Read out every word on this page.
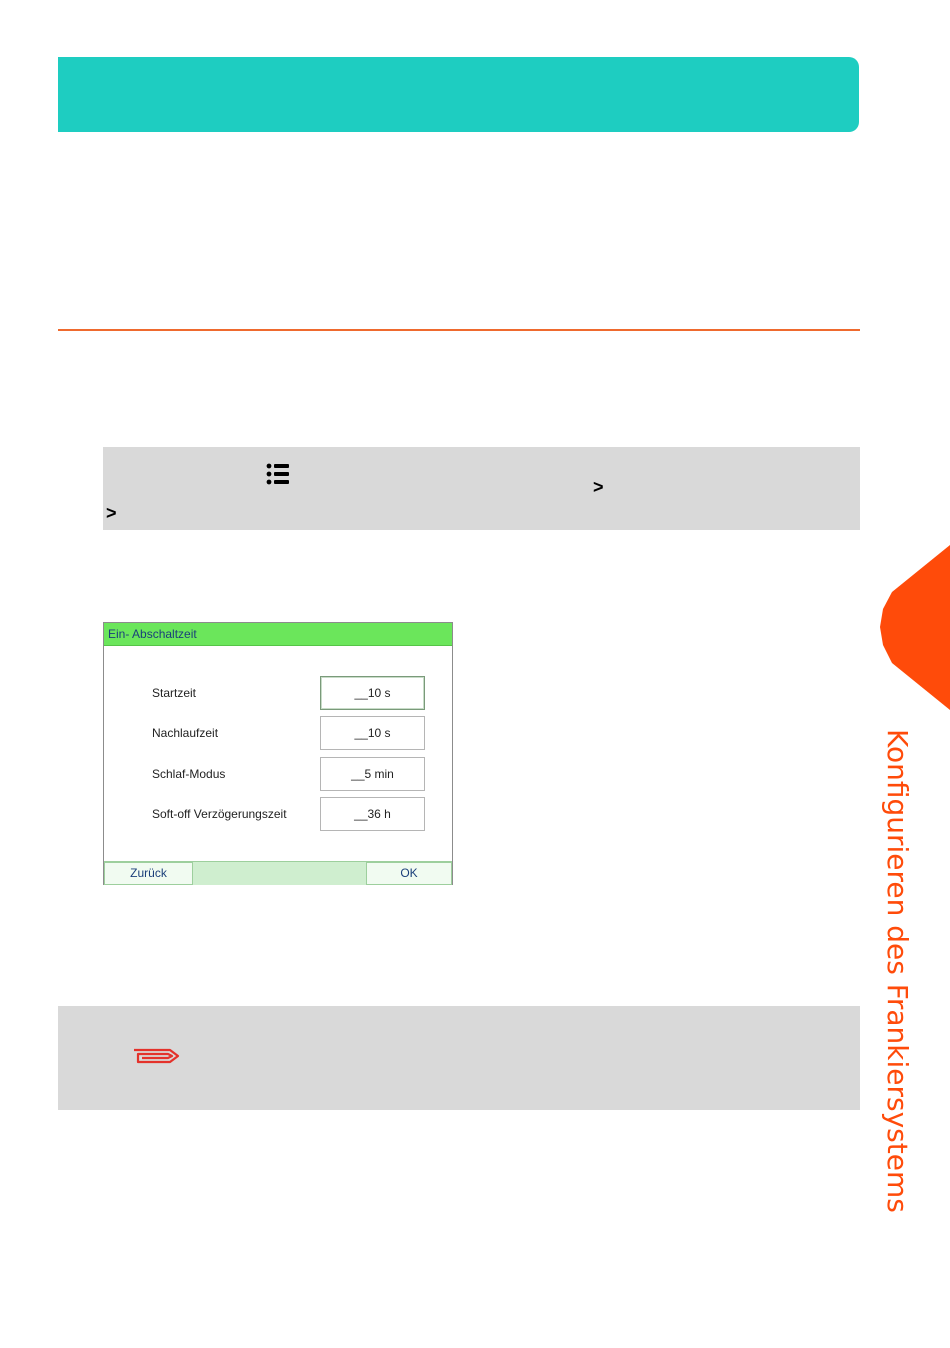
>
>
Ein- Abschaltzeit
Startzeit	__10 s
Nachlaufzeit	__10 s
Schlaf-Modus	__5 min
Soft-off Verzögerungszeit	__36 h
Zurück	OK	Konfigurieren des Frankiersystems
